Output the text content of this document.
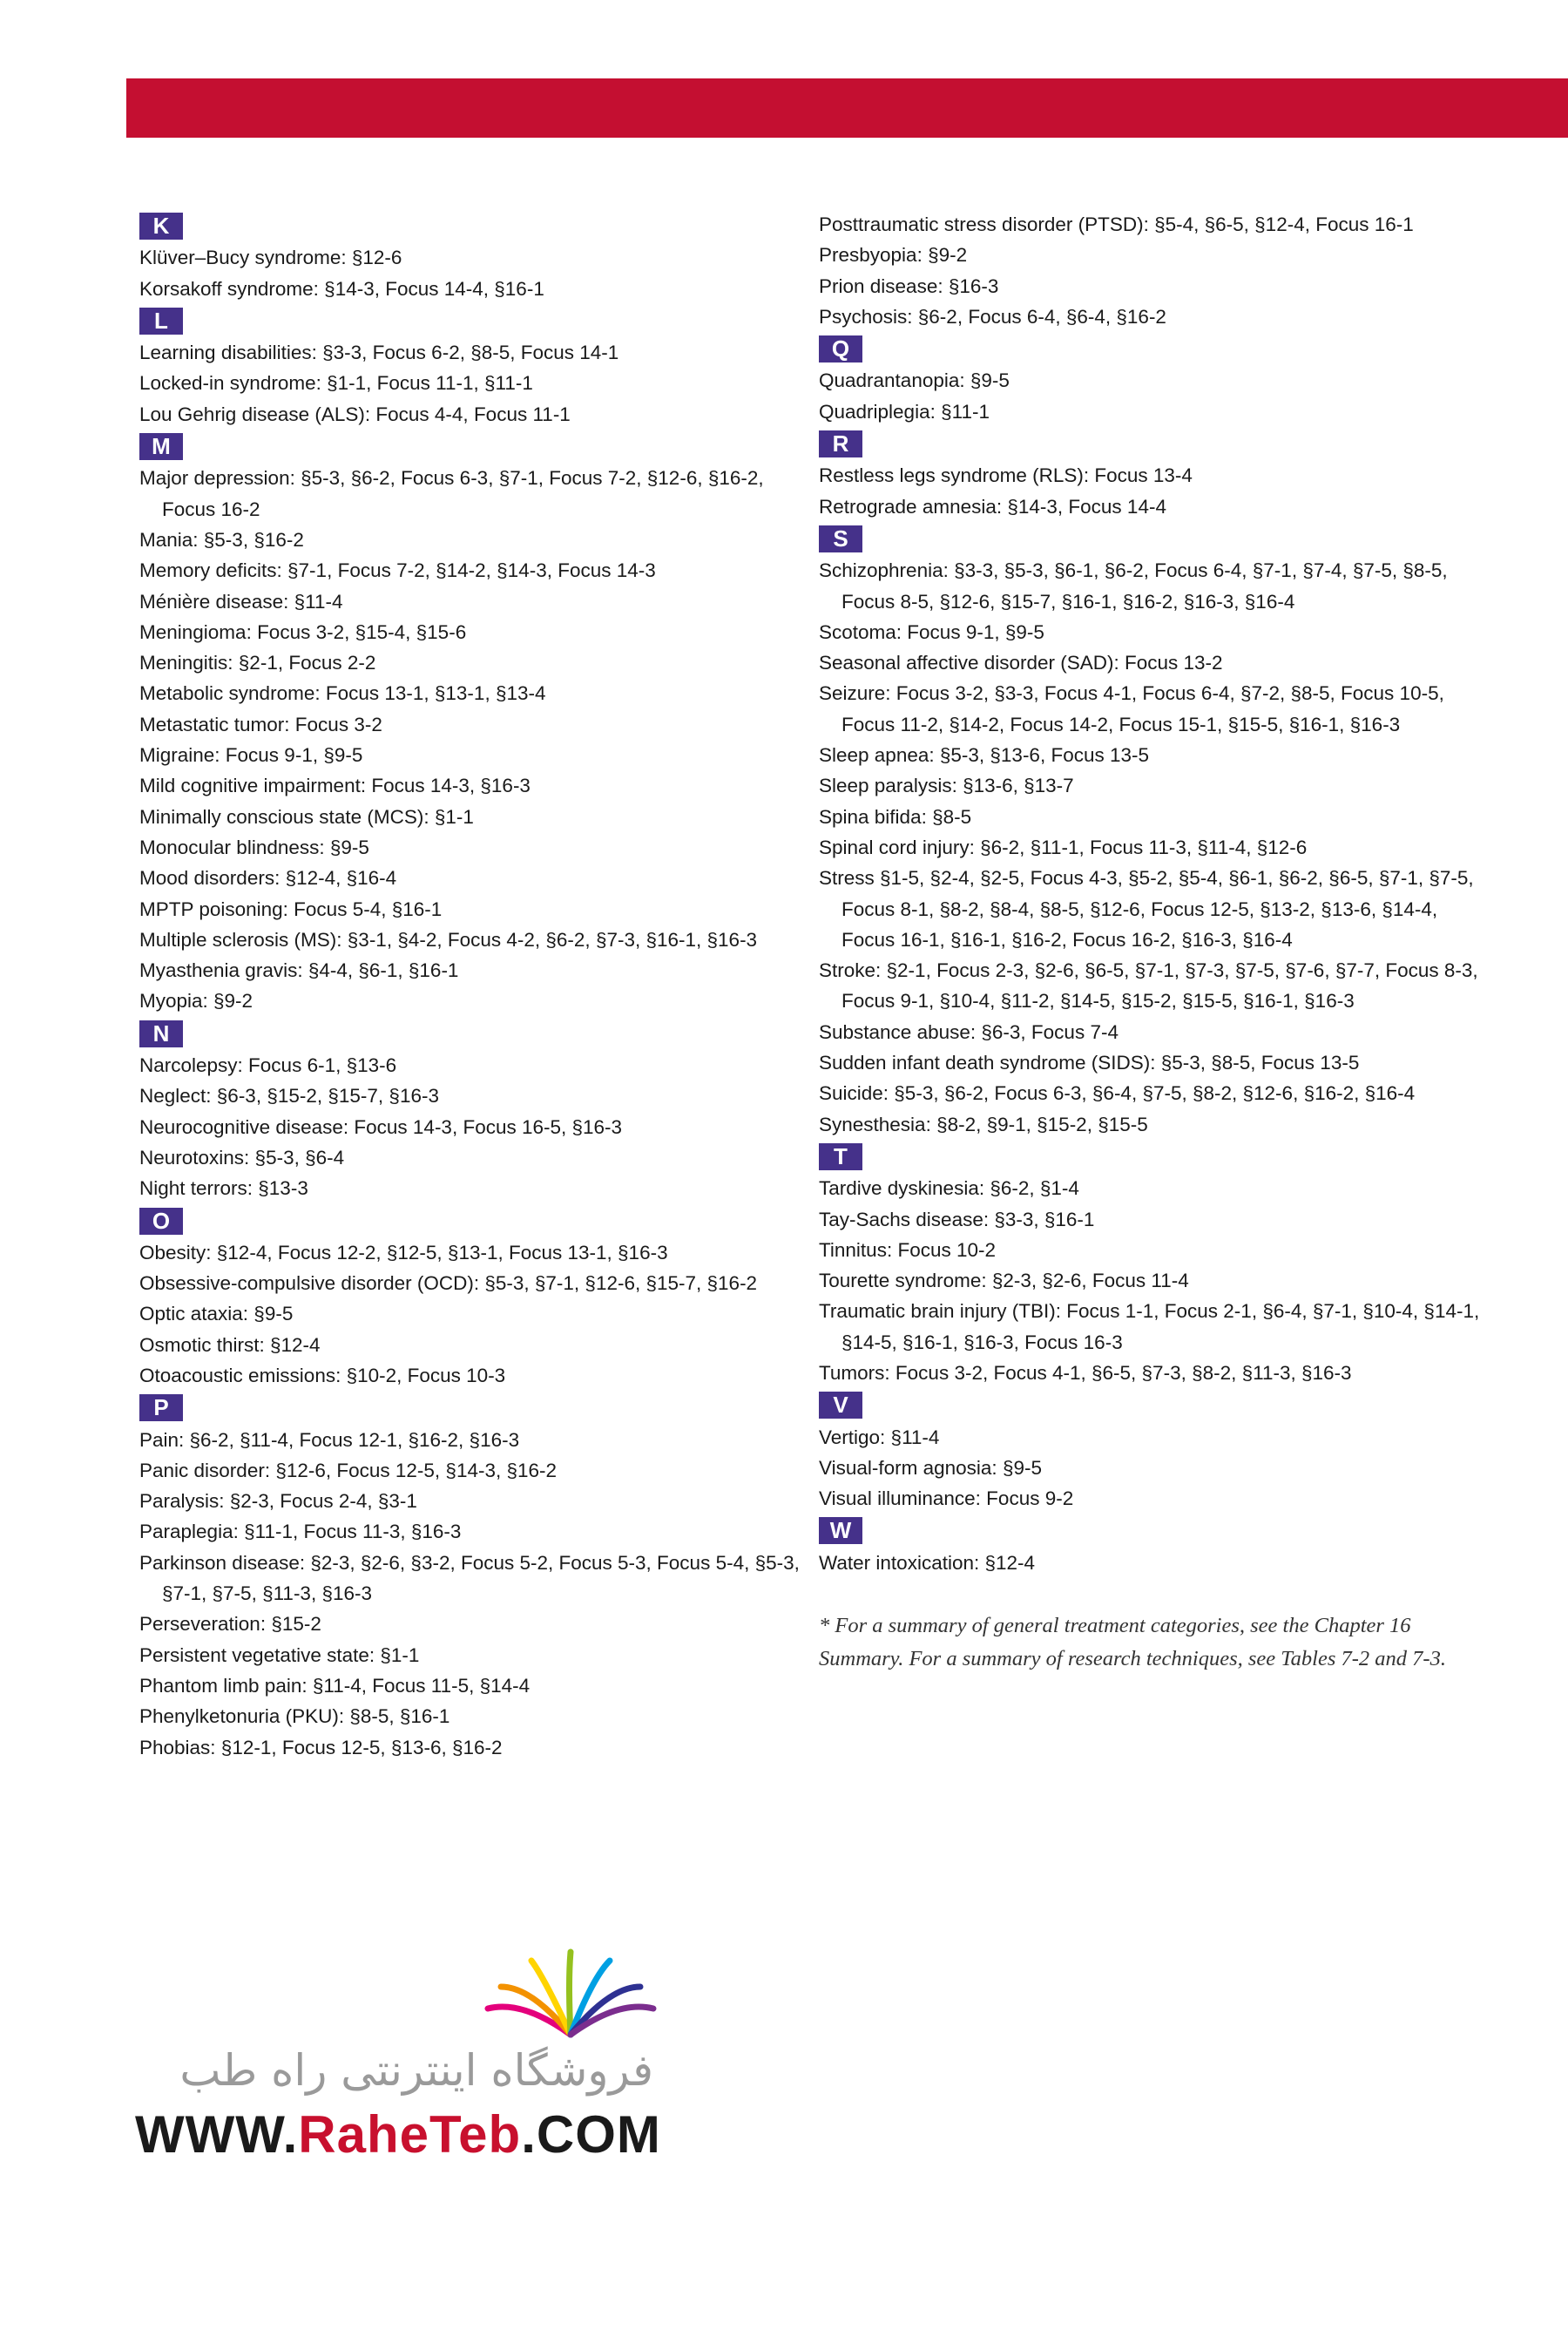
K
Klüver–Bucy syndrome: §12-6
Korsakoff syndrome: §14-3, Focus 14-4, §16-1
L
Learning disabilities: §3-3, Focus 6-2, §8-5, Focus 14-1
Locked-in syndrome: §1-1, Focus 11-1, §11-1
Lou Gehrig disease (ALS): Focus 4-4, Focus 11-1
M
Major depression: §5-3, §6-2, Focus 6-3, §7-1, Focus 7-2, §12-6, §16-2, Focus 16-2
Mania: §5-3, §16-2
Memory deficits: §7-1, Focus 7-2, §14-2, §14-3, Focus 14-3
Ménière disease: §11-4
Meningioma: Focus 3-2, §15-4, §15-6
Meningitis: §2-1, Focus 2-2
Metabolic syndrome: Focus 13-1, §13-1, §13-4
Metastatic tumor: Focus 3-2
Migraine: Focus 9-1, §9-5
Mild cognitive impairment: Focus 14-3, §16-3
Minimally conscious state (MCS): §1-1
Monocular blindness: §9-5
Mood disorders: §12-4, §16-4
MPTP poisoning: Focus 5-4, §16-1
Multiple sclerosis (MS): §3-1, §4-2, Focus 4-2, §6-2, §7-3, §16-1, §16-3
Myasthenia gravis: §4-4, §6-1, §16-1
Myopia: §9-2
N
Narcolepsy: Focus 6-1, §13-6
Neglect: §6-3, §15-2, §15-7, §16-3
Neurocognitive disease: Focus 14-3, Focus 16-5, §16-3
Neurotoxins: §5-3, §6-4
Night terrors: §13-3
O
Obesity: §12-4, Focus 12-2, §12-5, §13-1, Focus 13-1, §16-3
Obsessive-compulsive disorder (OCD): §5-3, §7-1, §12-6, §15-7, §16-2
Optic ataxia: §9-5
Osmotic thirst: §12-4
Otoacoustic emissions: §10-2, Focus 10-3
P
Pain: §6-2, §11-4, Focus 12-1, §16-2, §16-3
Panic disorder: §12-6, Focus 12-5, §14-3, §16-2
Paralysis: §2-3, Focus 2-4, §3-1
Paraplegia: §11-1, Focus 11-3, §16-3
Parkinson disease: §2-3, §2-6, §3-2, Focus 5-2, Focus 5-3, Focus 5-4, §5-3, §7-1, §7-5, §11-3, §16-3
Perseveration: §15-2
Persistent vegetative state: §1-1
Phantom limb pain: §11-4, Focus 11-5, §14-4
Phenylketonuria (PKU): §8-5, §16-1
Phobias: §12-1, Focus 12-5, §13-6, §16-2
Posttraumatic stress disorder (PTSD): §5-4, §6-5, §12-4, Focus 16-1
Presbyopia: §9-2
Prion disease: §16-3
Psychosis: §6-2, Focus 6-4, §6-4, §16-2
Q
Quadrantanopia: §9-5
Quadriplegia: §11-1
R
Restless legs syndrome (RLS): Focus 13-4
Retrograde amnesia: §14-3, Focus 14-4
S
Schizophrenia: §3-3, §5-3, §6-1, §6-2, Focus 6-4, §7-1, §7-4, §7-5, §8-5, Focus 8-5, §12-6, §15-7, §16-1, §16-2, §16-3, §16-4
Scotoma: Focus 9-1, §9-5
Seasonal affective disorder (SAD): Focus 13-2
Seizure: Focus 3-2, §3-3, Focus 4-1, Focus 6-4, §7-2, §8-5, Focus 10-5, Focus 11-2, §14-2, Focus 14-2, Focus 15-1, §15-5, §16-1, §16-3
Sleep apnea: §5-3, §13-6, Focus 13-5
Sleep paralysis: §13-6, §13-7
Spina bifida: §8-5
Spinal cord injury: §6-2, §11-1, Focus 11-3, §11-4, §12-6
Stress §1-5, §2-4, §2-5, Focus 4-3, §5-2, §5-4, §6-1, §6-2, §6-5, §7-1, §7-5, Focus 8-1, §8-2, §8-4, §8-5, §12-6, Focus 12-5, §13-2, §13-6, §14-4, Focus 16-1, §16-1, §16-2, Focus 16-2, §16-3, §16-4
Stroke: §2-1, Focus 2-3, §2-6, §6-5, §7-1, §7-3, §7-5, §7-6, §7-7, Focus 8-3, Focus 9-1, §10-4, §11-2, §14-5, §15-2, §15-5, §16-1, §16-3
Substance abuse: §6-3, Focus 7-4
Sudden infant death syndrome (SIDS): §5-3, §8-5, Focus 13-5
Suicide: §5-3, §6-2, Focus 6-3, §6-4, §7-5, §8-2, §12-6, §16-2, §16-4
Synesthesia: §8-2, §9-1, §15-2, §15-5
T
Tardive dyskinesia: §6-2, §1-4
Tay-Sachs disease: §3-3, §16-1
Tinnitus: Focus 10-2
Tourette syndrome: §2-3, §2-6, Focus 11-4
Traumatic brain injury (TBI): Focus 1-1, Focus 2-1, §6-4, §7-1, §10-4, §14-1, §14-5, §16-1, §16-3, Focus 16-3
Tumors: Focus 3-2, Focus 4-1, §6-5, §7-3, §8-2, §11-3, §16-3
V
Vertigo: §11-4
Visual-form agnosia: §9-5
Visual illuminance: Focus 9-2
W
Water intoxication: §12-4
* For a summary of general treatment categories, see the Chapter 16 Summary. For a summary of research techniques, see Tables 7-2 and 7-3.
فروشگاه اینترنتی راه طب
WWW.RaheTeb.COM
